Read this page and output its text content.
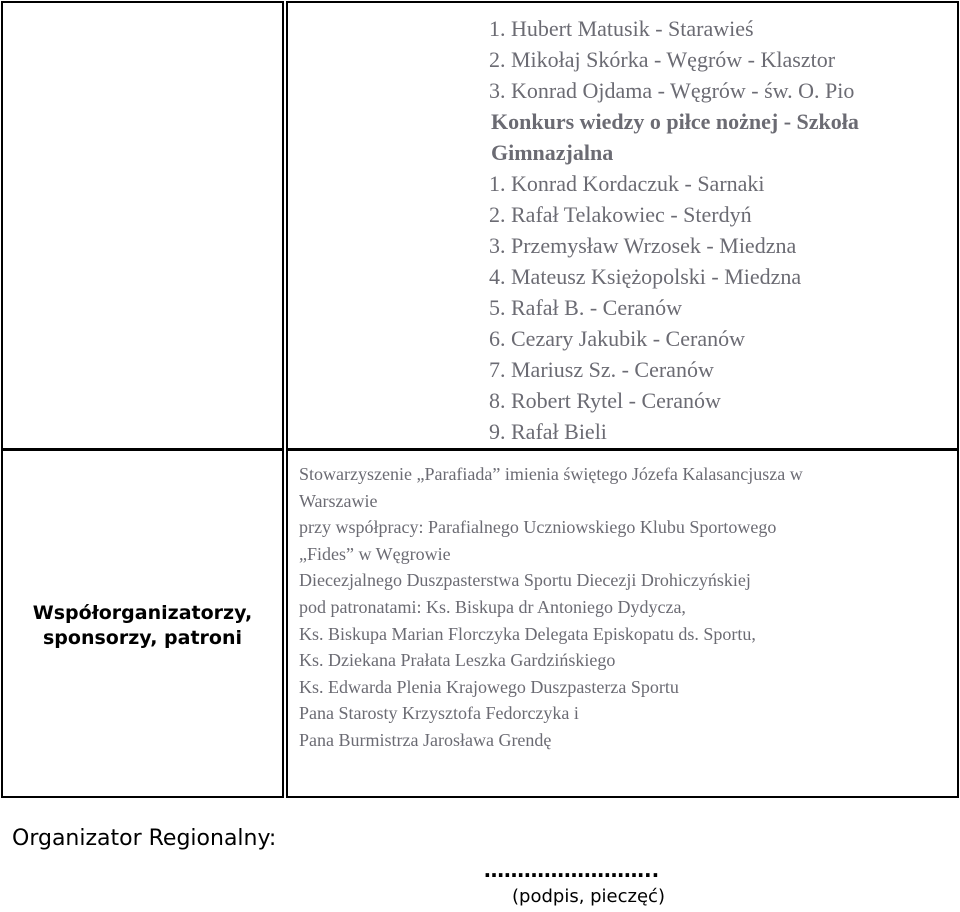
1. Hubert Matusik - Starawieś
2. Mikołaj Skórka - Węgrów - Klasztor
3. Konrad Ojdama - Węgrów - św. O. Pio
Konkurs wiedzy o piłce nożnej - Szkoła
Gimnazjalna
1. Konrad Kordaczuk - Sarnaki
2. Rafał Telakowiec - Sterdyń
3. Przemysław Wrzosek - Miedzna
4. Mateusz Księżopolski - Miedzna
5. Rafał B. - Ceranów
6. Cezary Jakubik - Ceranów
7. Mariusz Sz. - Ceranów
8. Robert Rytel - Ceranów
9. Rafał Bieli
Współorganizatorzy,
sponsorzy, patroni
Stowarzyszenie „Parafiada” imienia świętego Józefa Kalasancjusza w
Warszawie
przy współpracy: Parafialnego Uczniowskiego Klubu Sportowego
„Fides” w Węgrowie
Diecezjalnego Duszpasterstwa Sportu Diecezji Drohiczyńskiej
pod patronatami: Ks. Biskupa dr Antoniego Dydycza,
Ks. Biskupa Marian Florczyka Delegata Episkopatu ds. Sportu,
Ks. Dziekana Prałata Leszka Gardzińskiego
Ks. Edwarda Plenia Krajowego Duszpasterza Sportu
Pana Starosty Krzysztofa Fedorczyka i
Pana Burmistrza Jarosława Grendę
Organizator Regionalny:
……………………..
(podpis, pieczęć)
